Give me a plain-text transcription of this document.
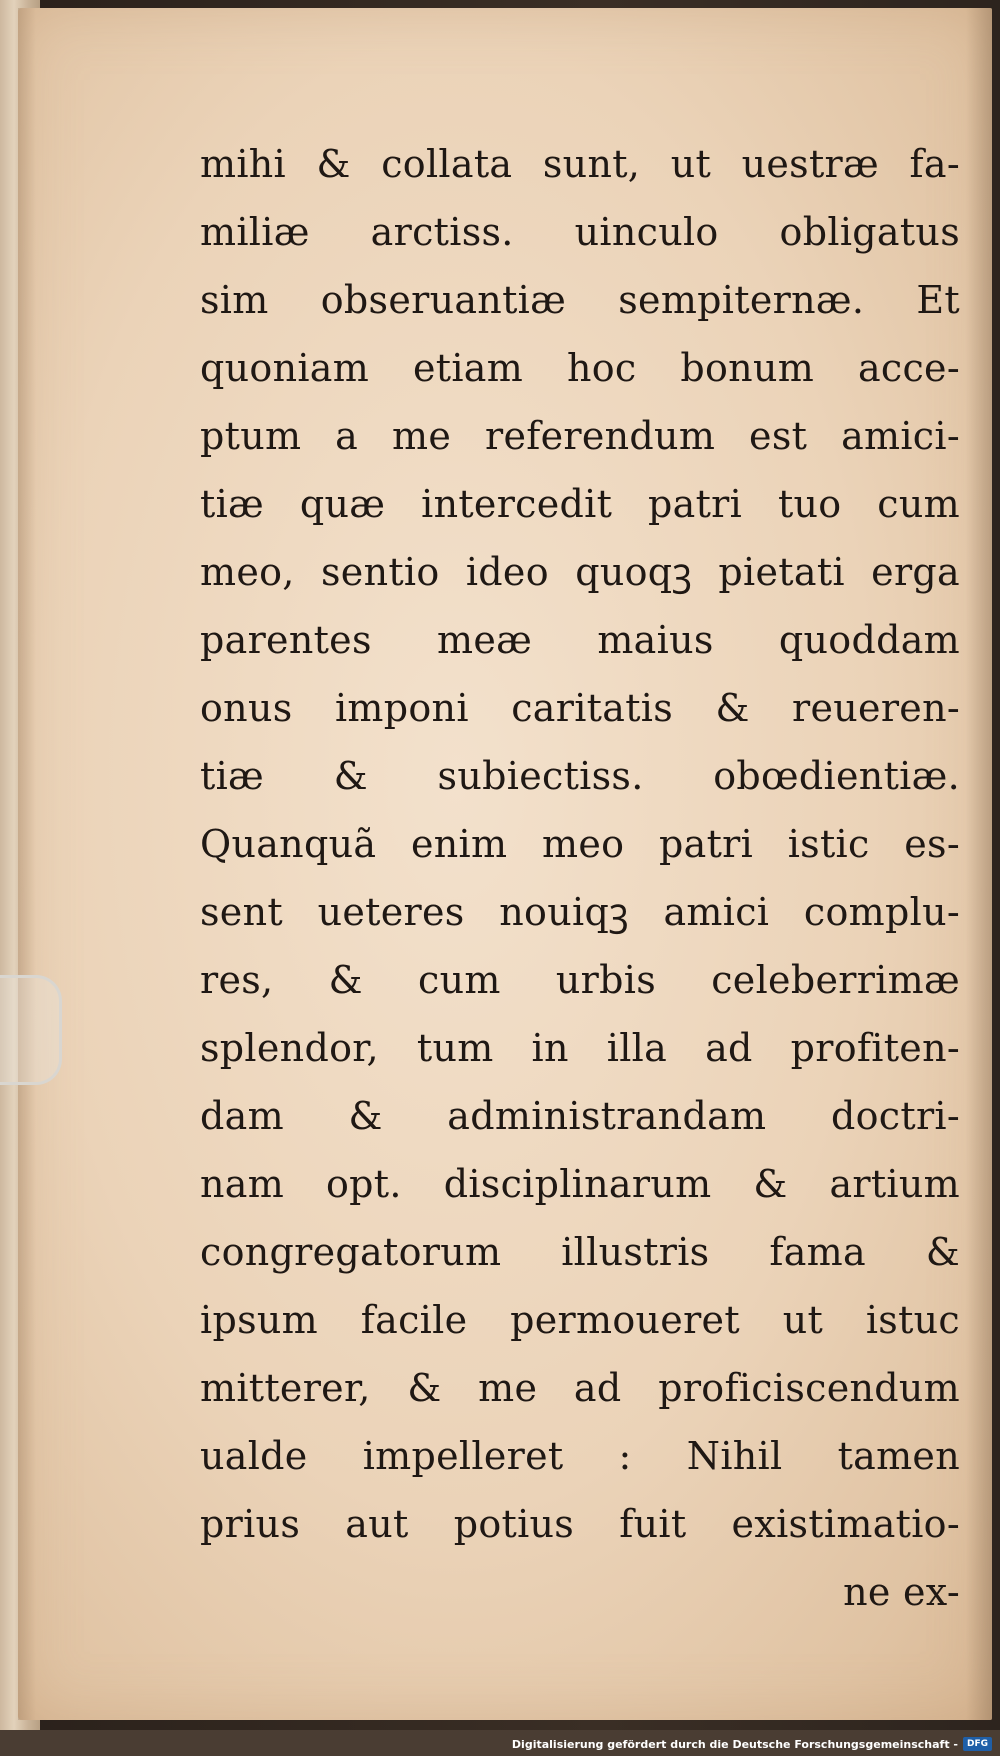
mihi & collata sunt, ut uestræ fa-
miliæ arctiss. uinculo obligatus
sim obseruantiæ sempiternæ. Et
quoniam etiam hoc bonum acce-
ptum a me referendum est amici-
tiæ quæ intercedit patri tuo cum
meo, sentio ideo quoqꝫ pietati erga
parentes meæ maius quoddam
onus imponi caritatis & reueren-
tiæ & subiectiss. obœdientiæ.
Quanquã enim meo patri istic es-
sent ueteres nouiqꝫ amici complu-
res, & cum urbis celeberrimæ
splendor, tum in illa ad profiten-
dam & administrandam doctri-
nam opt. disciplinarum & artium
congregatorum illustris fama &
ipsum facile permoueret ut istuc
mitterer, & me ad proficiscendum
ualde impelleret : Nihil tamen
prius aut potius fuit existimatio-
ne ex-
Digitalisierung gefördert durch die Deutsche Forschungsgemeinschaft -	DFG
